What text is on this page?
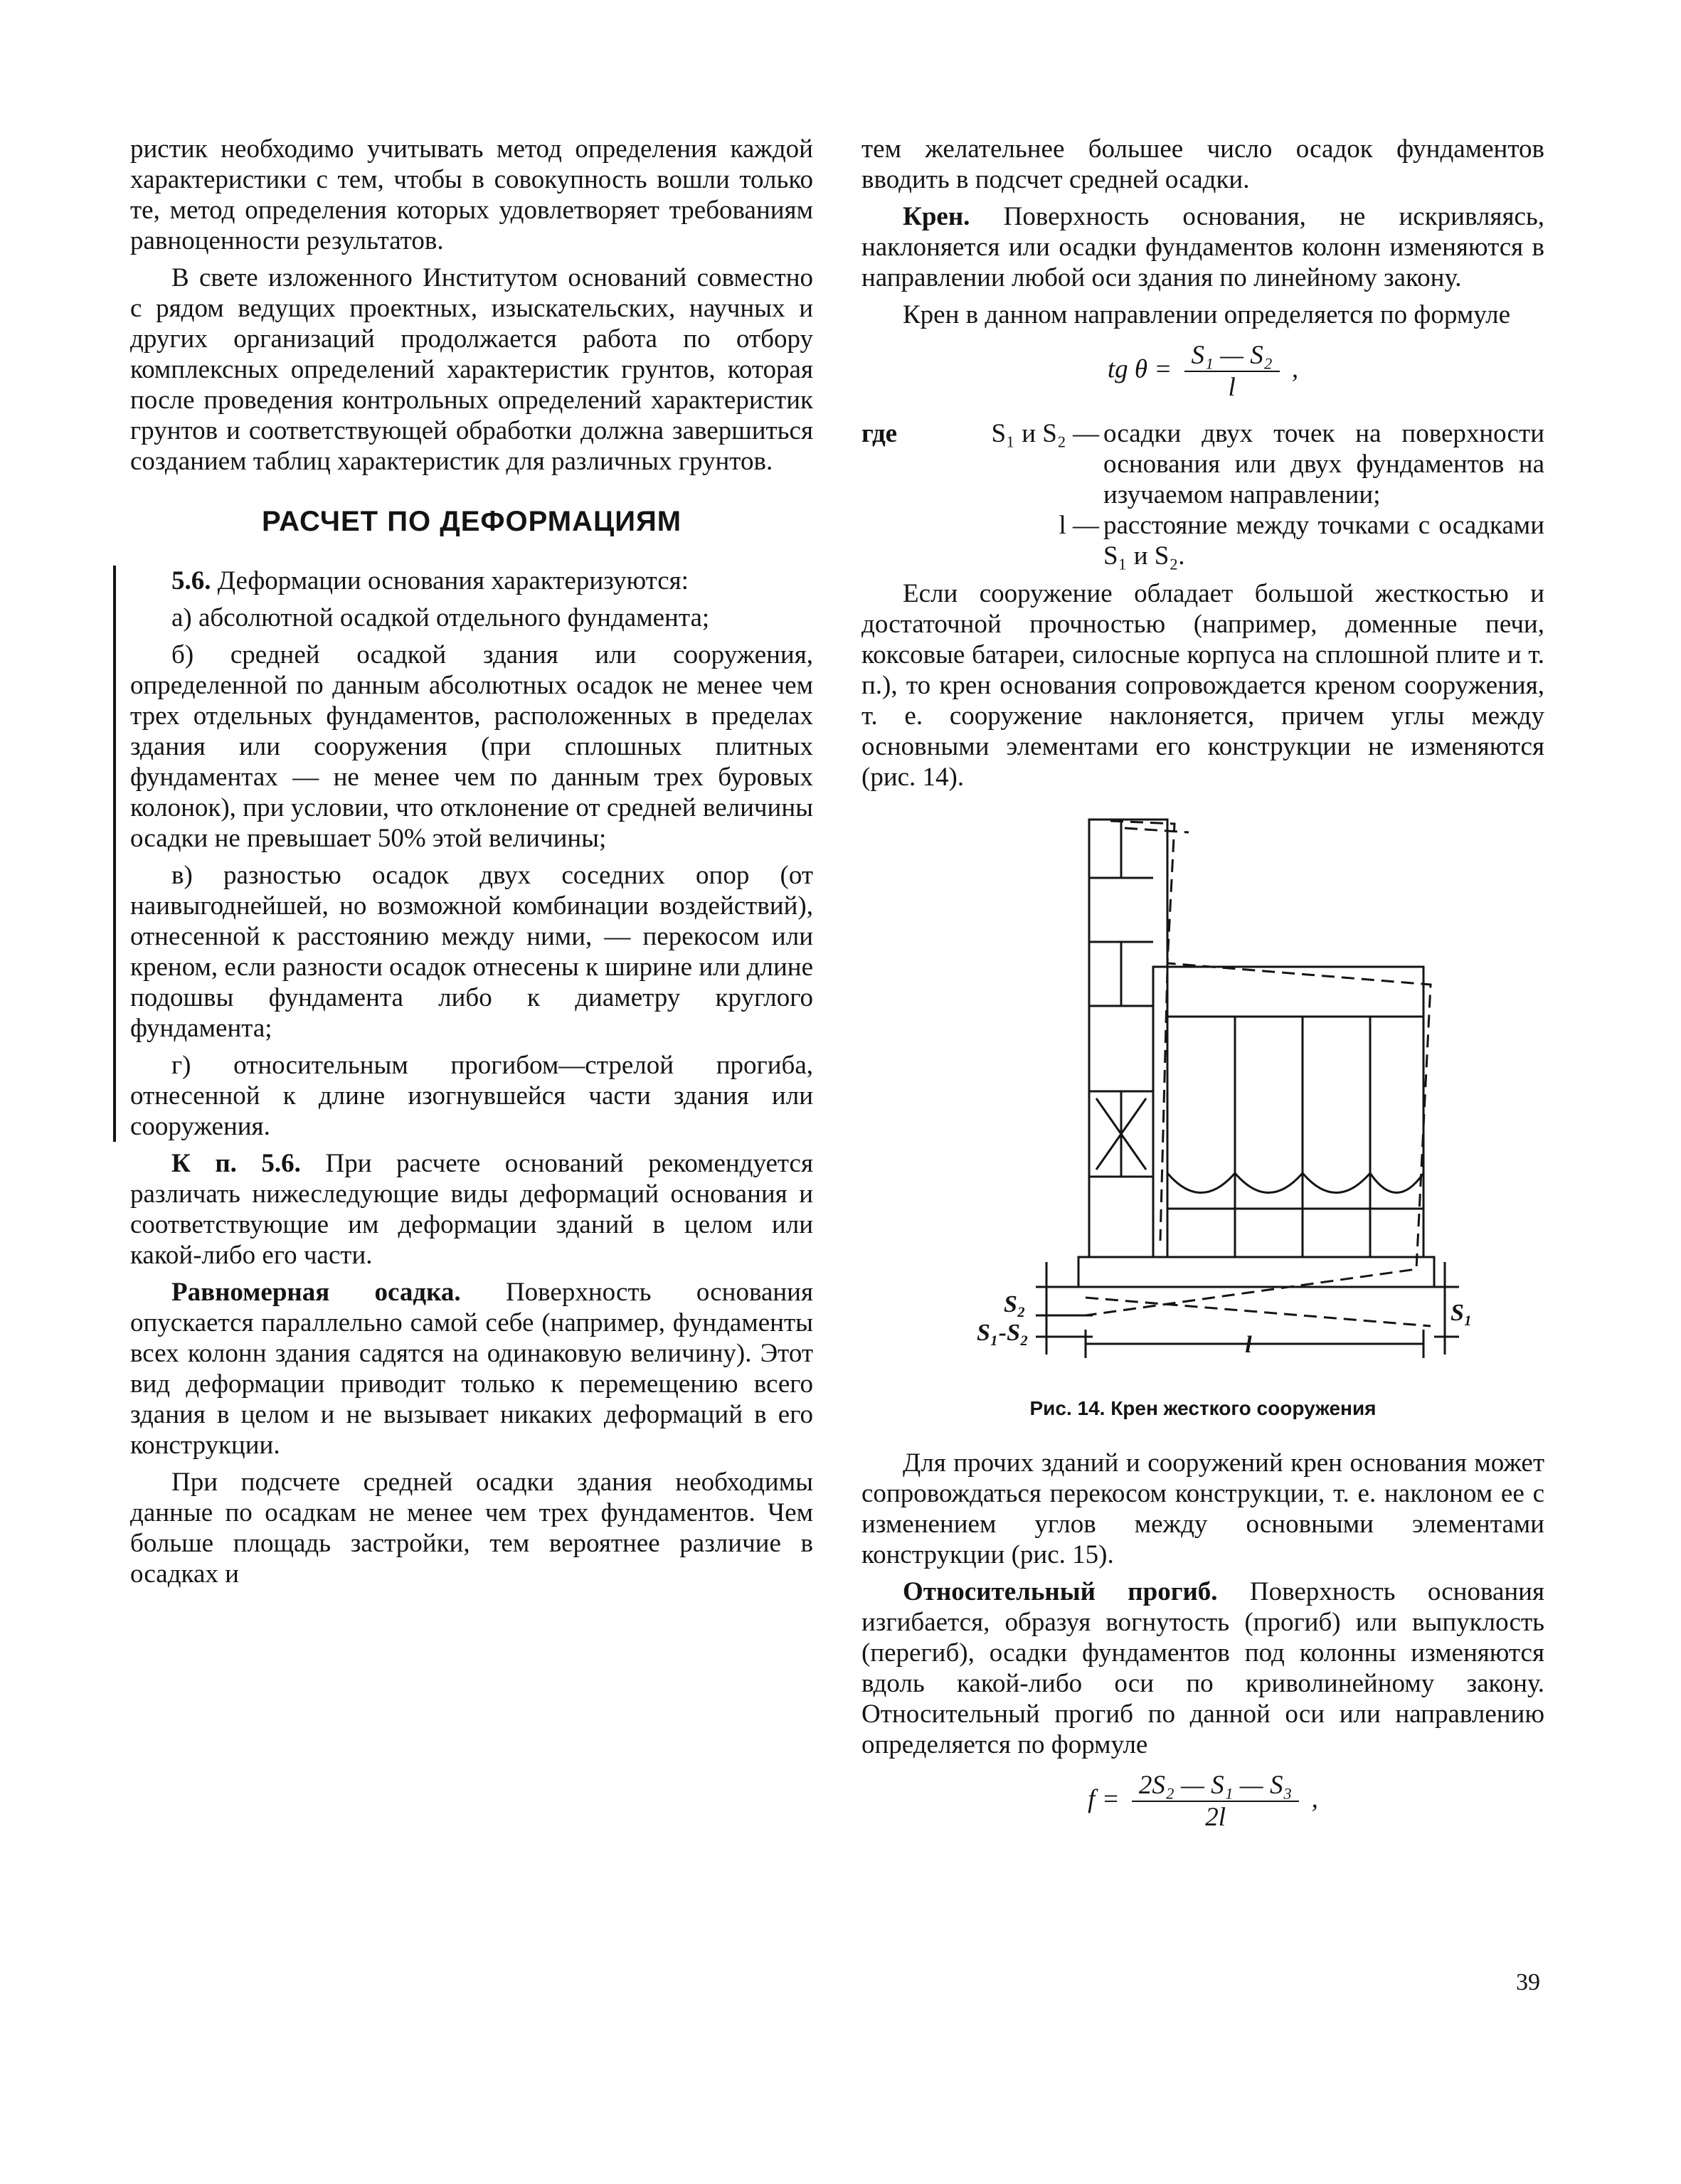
ристик необходимо учитывать метод определения каждой характеристики с тем, чтобы в совокупность вошли только те, метод определения которых удовлетворяет требованиям равноценности результатов.

В свете изложенного Институтом оснований совместно с рядом ведущих проектных, изыскательских, научных и других организаций продолжается работа по отбору комплексных определений характеристик грунтов, которая после проведения контрольных определений характеристик грунтов и соответствующей обработки должна завершиться созданием таблиц характеристик для различных грунтов.

РАСЧЕТ ПО ДЕФОРМАЦИЯМ

5.6. Деформации основания характеризуются:

а) абсолютной осадкой отдельного фундамента;

б) средней осадкой здания или сооружения, определенной по данным абсолютных осадок не менее чем трех отдельных фундаментов, расположенных в пределах здания или сооружения (при сплошных плитных фундаментах — не менее чем по данным трех буровых колонок), при условии, что отклонение от средней величины осадки не превышает 50% этой величины;

в) разностью осадок двух соседних опор (от наивыгоднейшей, но возможной комбинации воздействий), отнесенной к расстоянию между ними, — перекосом или креном, если разности осадок отнесены к ширине или длине подошвы фундамента либо к диаметру круглого фундамента;

г) относительным прогибом—стрелой прогиба, отнесенной к длине изогнувшейся части здания или сооружения.

К п. 5.6. При расчете оснований рекомендуется различать нижеследующие виды деформаций основания и соответствующие им деформации зданий в целом или какой-либо его части.

Равномерная осадка. Поверхность основания опускается параллельно самой себе (например, фундаменты всех колонн здания садятся на одинаковую величину). Этот вид деформации приводит только к перемещению всего здания в целом и не вызывает никаких деформаций в его конструкции.

При подсчете средней осадки здания необходимы данные по осадкам не менее чем трех фундаментов. Чем больше площадь застройки, тем вероятнее различие в осадках и

тем желательнее большее число осадок фундаментов вводить в подсчет средней осадки.

Крен. Поверхность основания, не искривляясь, наклоняется или осадки фундаментов колонн изменяются в направлении любой оси здания по линейному закону.

Крен в данном направлении определяется по формуле

tg $\theta = \frac{\text{S₁ — S₂}}{l}$ ,
где	S₁ и S₂ — осадки двух точек на поверхности основания или двух фундаментов на изучаемом направлении;
l — расстояние между точками с осадками S₁ и S₂.

Если сооружение обладает большой жесткостью и достаточной прочностью (например, доменные печи, коксовые батареи, силосные корпуса на сплошной плите и т. п.), то крен основания сопровождается креном сооружения, т. е. сооружение наклоняется, причем углы между основными элементами его конструкции не изменяются (рис. 14).

S₂
S₁-S₂
S₁
l
Рис. 14. Крен жесткого сооружения

Для прочих зданий и сооружений крен основания может сопровождаться перекосом конструкции, т. е. наклоном ее с изменением углов между основными элементами конструкции (рис. 15).

Относительный прогиб. Поверхность основания изгибается, образуя вогнутость (прогиб) или выпуклость (перегиб), осадки фундаментов под колонны изменяются вдоль какой-либо оси по криволинейному закону. Относительный прогиб по данной оси или направлению определяется по формуле

$f = \frac{\text{2S₂ — S₁ — S₃}}{2l}$ ,
39
